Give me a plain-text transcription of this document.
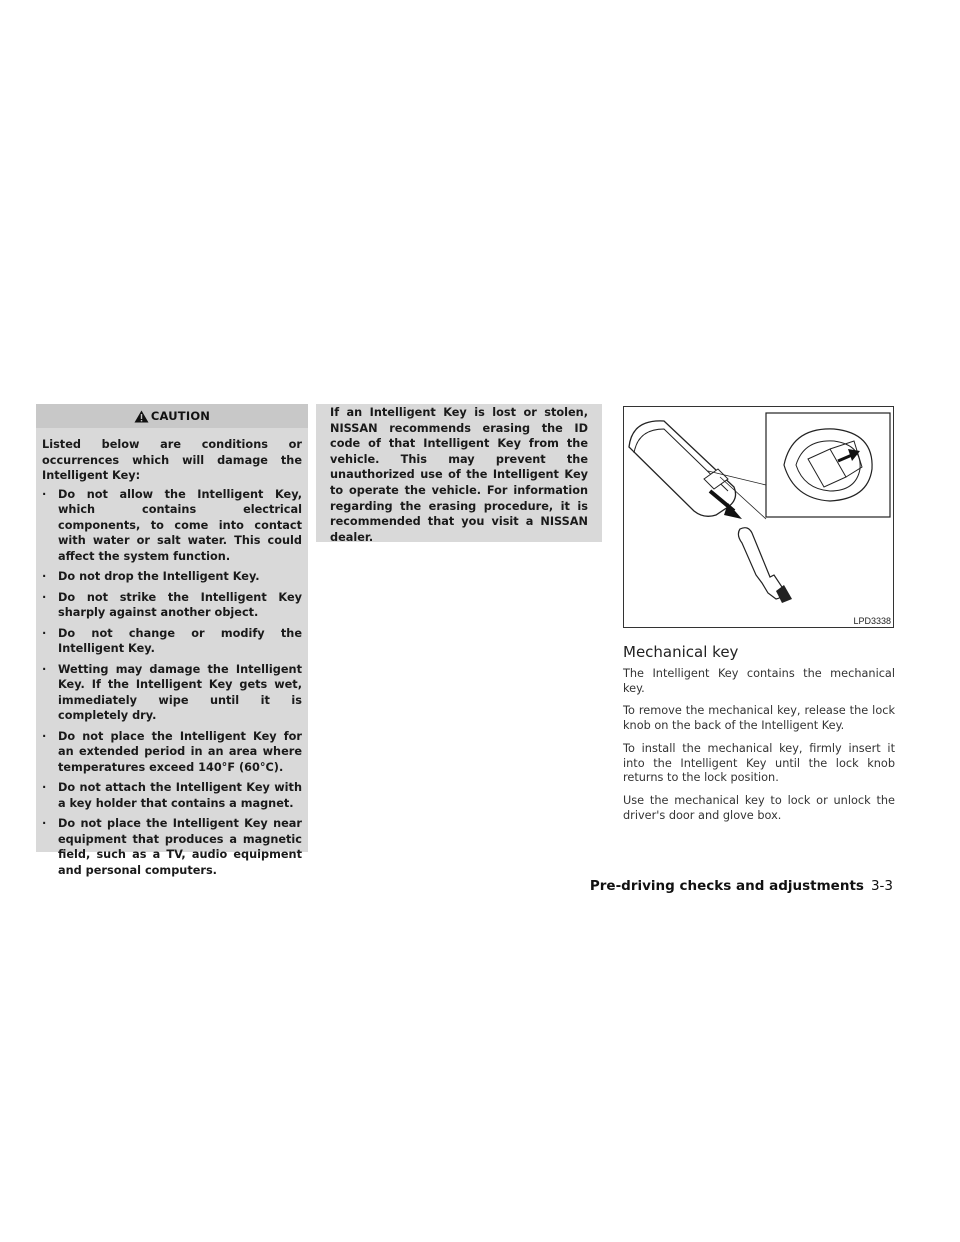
CAUTION

Listed below are conditions or occurrences which will damage the Intelligent Key:

· Do not allow the Intelligent Key, which contains electrical components, to come into contact with water or salt water. This could affect the system function.
· Do not drop the Intelligent Key.
· Do not strike the Intelligent Key sharply against another object.
· Do not change or modify the Intelligent Key.
· Wetting may damage the Intelligent Key. If the Intelligent Key gets wet, immediately wipe until it is completely dry.
· Do not place the Intelligent Key for an extended period in an area where temperatures exceed 140°F (60°C).
· Do not attach the Intelligent Key with a key holder that contains a magnet.
· Do not place the Intelligent Key near equipment that produces a magnetic field, such as a TV, audio equipment and personal computers.

If an Intelligent Key is lost or stolen, NISSAN recommends erasing the ID code of that Intelligent Key from the vehicle. This may prevent the unauthorized use of the Intelligent Key to operate the vehicle. For information regarding the erasing procedure, it is recommended that you visit a NISSAN dealer.

LPD3338
Mechanical key

The Intelligent Key contains the mechanical key.

To remove the mechanical key, release the lock knob on the back of the Intelligent Key.

To install the mechanical key, firmly insert it into the Intelligent Key until the lock knob returns to the lock position.

Use the mechanical key to lock or unlock the driver's door and glove box.

Pre-driving checks and adjustments 3-3
